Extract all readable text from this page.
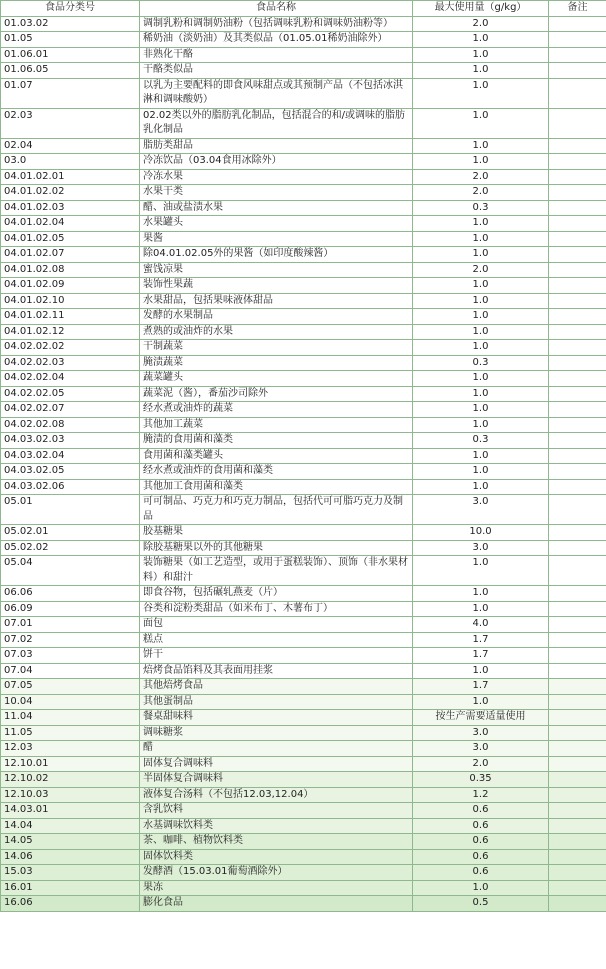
食品分类号	食品名称	最大使用量（g/kg）	备注
01.03.02	调制乳粉和调制奶油粉（包括调味乳粉和调味奶油粉等）	2.0	
01.05	稀奶油（淡奶油）及其类似品（01.05.01稀奶油除外）	1.0	
01.06.01	非熟化干酪	1.0	
01.06.05	干酪类似品	1.0	
01.07	以乳为主要配料的即食风味甜点或其预制产品（不包括冰淇淋和调味酸奶）	1.0	
02.03	02.02类以外的脂肪乳化制品，包括混合的和/或调味的脂肪乳化制品	1.0	
02.04	脂肪类甜品	1.0	
03.0	冷冻饮品（03.04食用冰除外）	1.0	
04.01.02.01	冷冻水果	2.0	
04.01.02.02	水果干类	2.0	
04.01.02.03	醋、油或盐渍水果	0.3	
04.01.02.04	水果罐头	1.0	
04.01.02.05	果酱	1.0	
04.01.02.07	除04.01.02.05外的果酱（如印度酸辣酱）	1.0	
04.01.02.08	蜜饯凉果	2.0	
04.01.02.09	装饰性果蔬	1.0	
04.01.02.10	水果甜品，包括果味液体甜品	1.0	
04.01.02.11	发酵的水果制品	1.0	
04.01.02.12	煮熟的或油炸的水果	1.0	
04.02.02.02	干制蔬菜	1.0	
04.02.02.03	腌渍蔬菜	0.3	
04.02.02.04	蔬菜罐头	1.0	
04.02.02.05	蔬菜泥（酱），番茄沙司除外	1.0	
04.02.02.07	经水煮或油炸的蔬菜	1.0	
04.02.02.08	其他加工蔬菜	1.0	
04.03.02.03	腌渍的食用菌和藻类	0.3	
04.03.02.04	食用菌和藻类罐头	1.0	
04.03.02.05	经水煮或油炸的食用菌和藻类	1.0	
04.03.02.06	其他加工食用菌和藻类	1.0	
05.01	可可制品、巧克力和巧克力制品，包括代可可脂巧克力及制品	3.0	
05.02.01	胶基糖果	10.0	
05.02.02	除胶基糖果以外的其他糖果	3.0	
05.04	装饰糖果（如工艺造型，或用于蛋糕装饰）、顶饰（非水果材料）和甜汁	1.0	
06.06	即食谷物，包括碾轧燕麦（片）	1.0	
06.09	谷类和淀粉类甜品（如米布丁、木薯布丁）	1.0	
07.01	面包	4.0	
07.02	糕点	1.7	
07.03	饼干	1.7	
07.04	焙烤食品馅料及其表面用挂浆	1.0	
07.05	其他焙烤食品	1.7	
10.04	其他蛋制品	1.0	
11.04	餐桌甜味料	按生产需要适量使用	
11.05	调味糖浆	3.0	
12.03	醋	3.0	
12.10.01	固体复合调味料	2.0	
12.10.02	半固体复合调味料	0.35	
12.10.03	液体复合汤料（不包括12.03,12.04）	1.2	
14.03.01	含乳饮料	0.6	
14.04	水基调味饮料类	0.6	
14.05	茶、咖啡、植物饮料类	0.6	
14.06	固体饮料类	0.6	
15.03	发酵酒（15.03.01葡萄酒除外）	0.6	
16.01	果冻	1.0	
16.06	膨化食品	0.5	
